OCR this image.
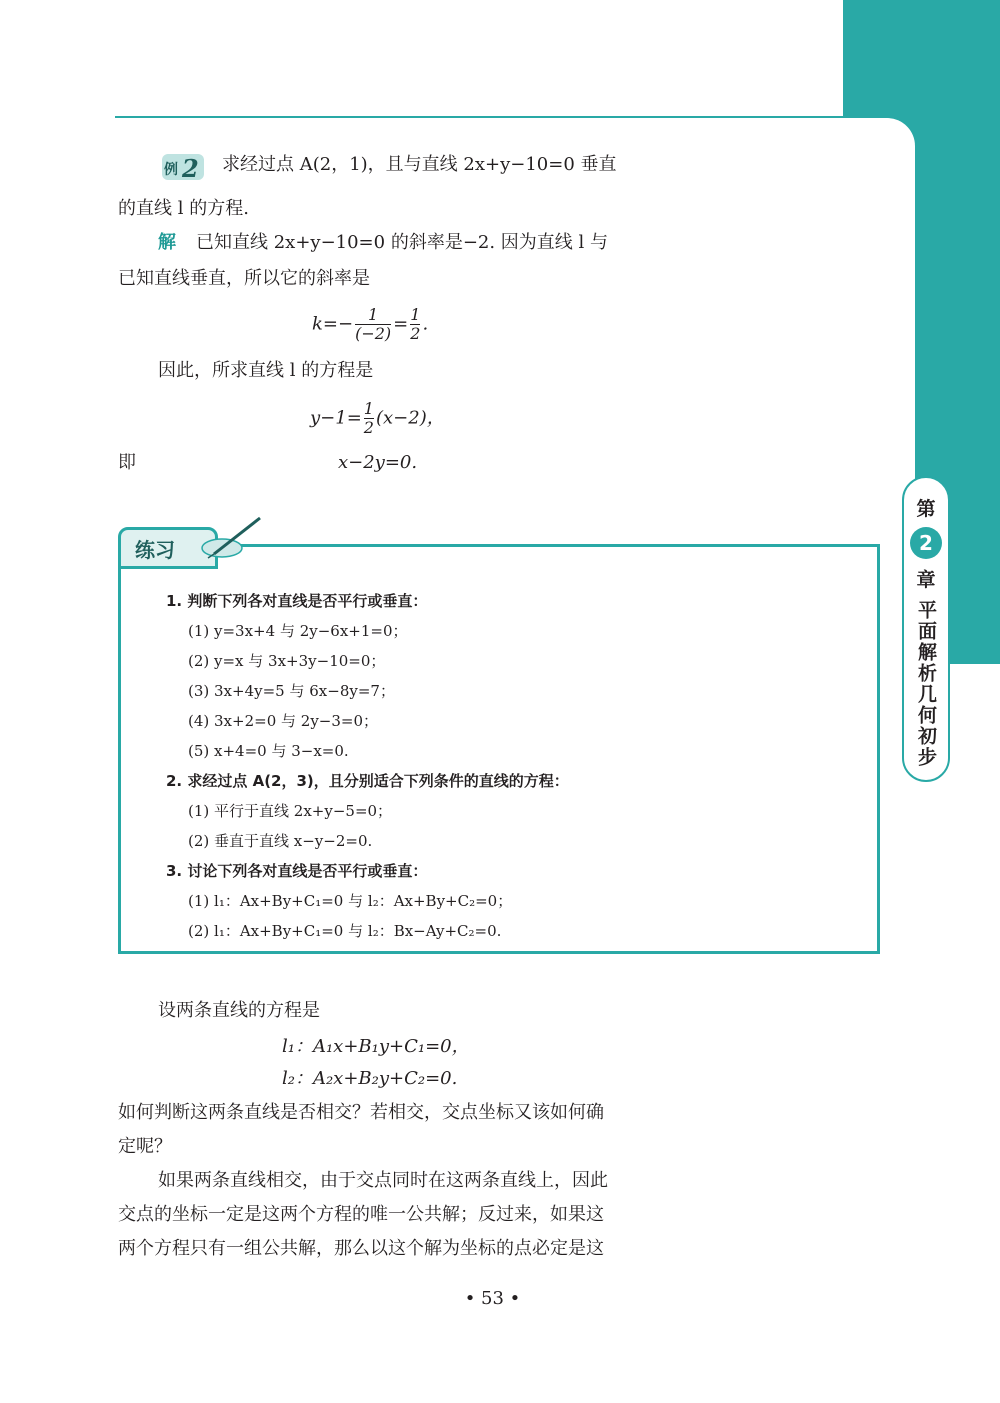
第
2
章
平面解析几何初步
例 2 求经过点 A(2，1)，且与直线 2x+y−10=0 垂直
的直线 l 的方程.
解 已知直线 2x+y−10=0 的斜率是−2. 因为直线 l 与
已知直线垂直，所以它的斜率是
$k=- \frac{1}{(-2)} = \frac{1}{2}$ .
因此，所求直线 l 的方程是
$y-1= \frac{1}{2} (x-2)$，
即	x−2y=0.
练习
1. 判断下列各对直线是否平行或垂直：
(1) y=3x+4 与 2y−6x+1=0；
(2) y=x 与 3x+3y−10=0；
(3) 3x+4y=5 与 6x−8y=7；
(4) 3x+2=0 与 2y−3=0；
(5) x+4=0 与 3−x=0.
2. 求经过点 A(2，3)，且分别适合下列条件的直线的方程：
(1) 平行于直线 2x+y−5=0；
(2) 垂直于直线 x−y−2=0.
3. 讨论下列各对直线是否平行或垂直：
(1) l₁：Ax+By+C₁=0 与 l₂：Ax+By+C₂=0；
(2) l₁：Ax+By+C₁=0 与 l₂：Bx−Ay+C₂=0.
设两条直线的方程是
l₁：A₁x+B₁y+C₁=0，
l₂：A₂x+B₂y+C₂=0.
如何判断这两条直线是否相交？若相交，交点坐标又该如何确
定呢？
如果两条直线相交，由于交点同时在这两条直线上，因此
交点的坐标一定是这两个方程的唯一公共解；反过来，如果这
两个方程只有一组公共解，那么以这个解为坐标的点必定是这
• 53 •
